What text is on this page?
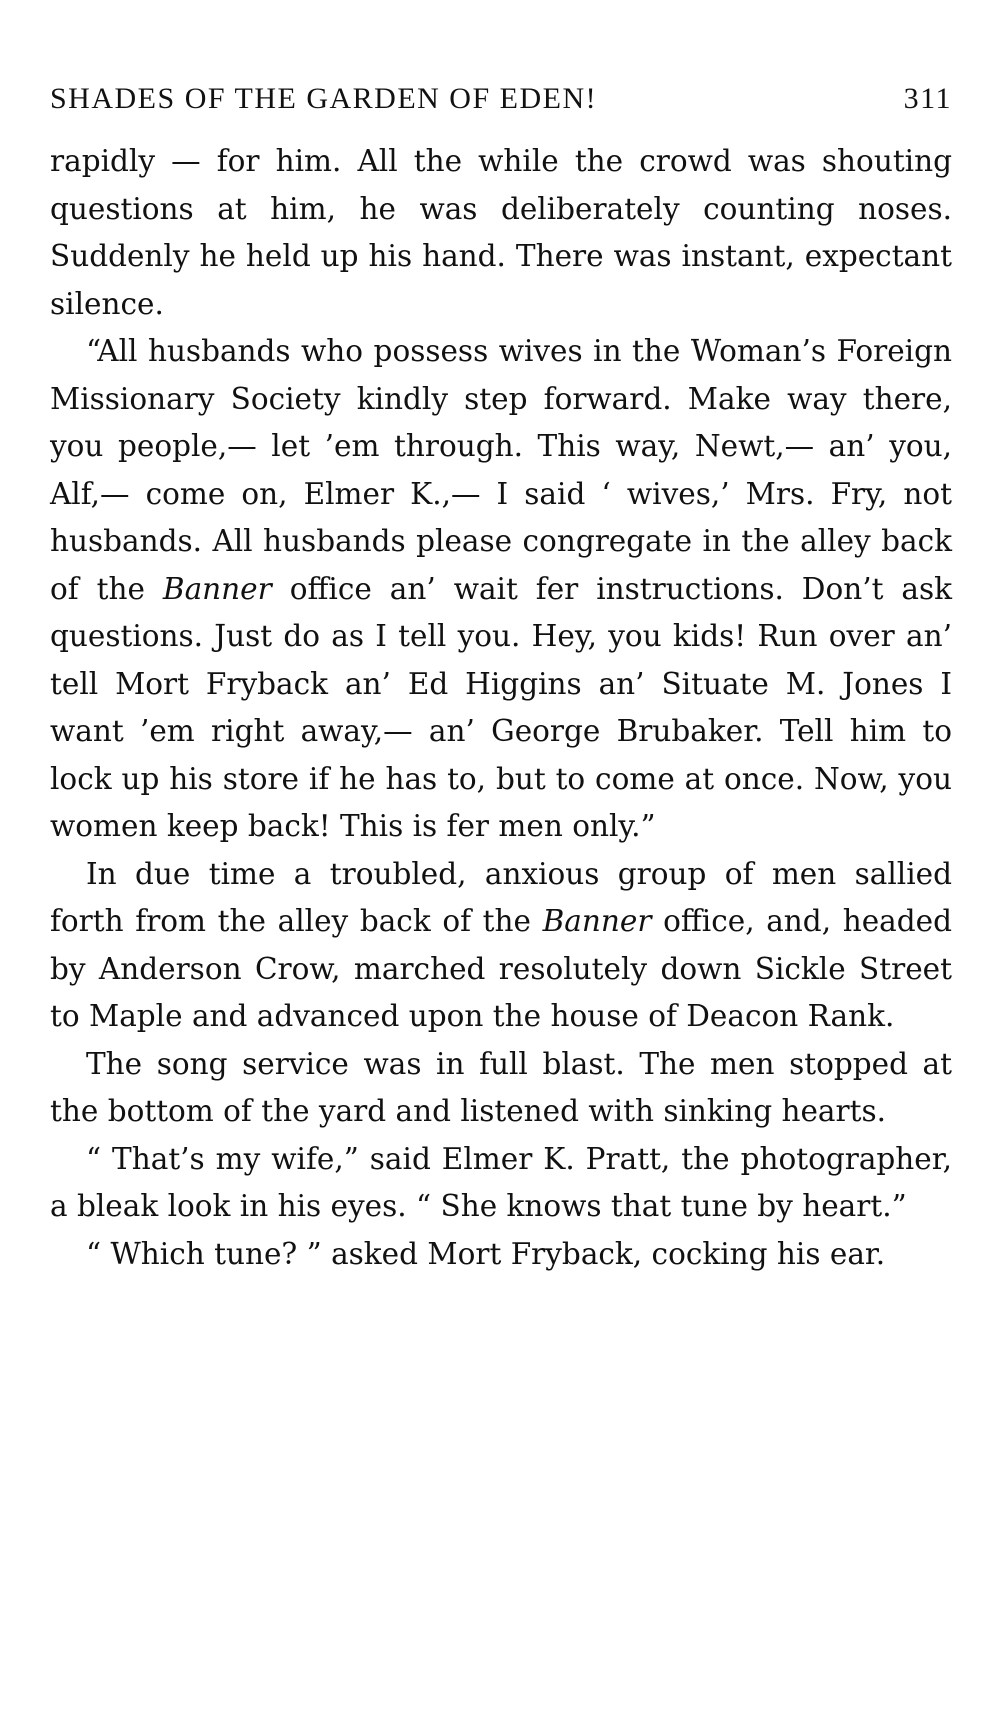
SHADES OF THE GARDEN OF EDEN!	311

rapidly — for him. All the while the crowd was shouting questions at him, he was deliberately counting noses. Suddenly he held up his hand. There was instant, expectant silence.

“All husbands who possess wives in the Woman’s Foreign Missionary Society kindly step forward. Make way there, you people,— let ’em through. This way, Newt,— an’ you, Alf,— come on, Elmer K.,— I said ‘ wives,’ Mrs. Fry, not husbands. All husbands please congregate in the alley back of the Banner office an’ wait fer instructions. Don’t ask questions. Just do as I tell you. Hey, you kids! Run over an’ tell Mort Fryback an’ Ed Higgins an’ Situate M. Jones I want ’em right away,— an’ George Brubaker. Tell him to lock up his store if he has to, but to come at once. Now, you women keep back! This is fer men only.”

In due time a troubled, anxious group of men sallied forth from the alley back of the Banner office, and, headed by Anderson Crow, marched resolutely down Sickle Street to Maple and advanced upon the house of Deacon Rank.

The song service was in full blast. The men stopped at the bottom of the yard and listened with sinking hearts.

“ That’s my wife,” said Elmer K. Pratt, the photographer, a bleak look in his eyes. “ She knows that tune by heart.”

“ Which tune? ” asked Mort Fryback, cocking his ear.
